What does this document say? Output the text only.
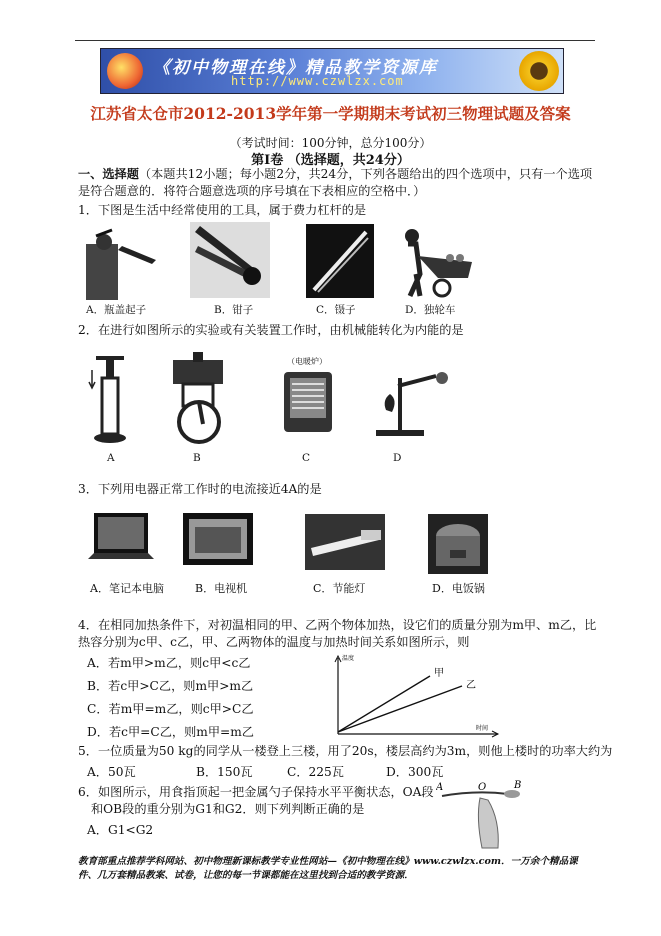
《初中物理在线》精品教学资源库
http://www.czwlzx.com
江苏省太仓市2012-2013学年第一学期期末考试初三物理试题及答案
（考试时间：100分钟，总分100分）
第Ⅰ卷 （选择题，共24分）
一、选择题（本题共12小题；每小题2分，共24分，下列各题给出的四个选项中，只有一个选项
是符合题意的．将符合题意选项的序号填在下表相应的空格中．）
1．下图是生活中经常使用的工具，属于费力杠杆的是
A．瓶盖起子	B．钳子	C．镊子	D．独轮车
2．在进行如图所示的实验或有关装置工作时，由机械能转化为内能的是
（电暖炉）
A	B	C	D
3．下列用电器正常工作时的电流接近4A的是
A．笔记本电脑	B．电视机	C．节能灯	D．电饭锅
4．在相同加热条件下，对初温相同的甲、乙两个物体加热，设它们的质量分别为m甲、m乙，比
热容分别为c甲、c乙，甲、乙两物体的温度与加热时间关系如图所示，则
A．若m甲>m乙，则c甲<c乙
B．若c甲>C乙，则m甲>m乙
C．若m甲=m乙，则c甲>C乙
D．若c甲=C乙，则m甲=m乙
温度
时间
甲
乙
5．一位质量为50 kg的同学从一楼登上三楼，用了20s，楼层高约为3m，则他上楼时的功率大约为
A．50瓦	B．150瓦	C．225瓦	D．300瓦
6．如图所示，用食指顶起一把金属勺子保持水平平衡状态，OA段
和OB段的重分别为G1和G2．则下列判断正确的是
A．G1<G2
A	O	B
教育部重点推荐学科网站、初中物理新课标教学专业性网站—《初中物理在线》www.czwlzx.com．一万余个精品课
件、几万套精品教案、试卷，让您的每一节课都能在这里找到合适的教学资源．
